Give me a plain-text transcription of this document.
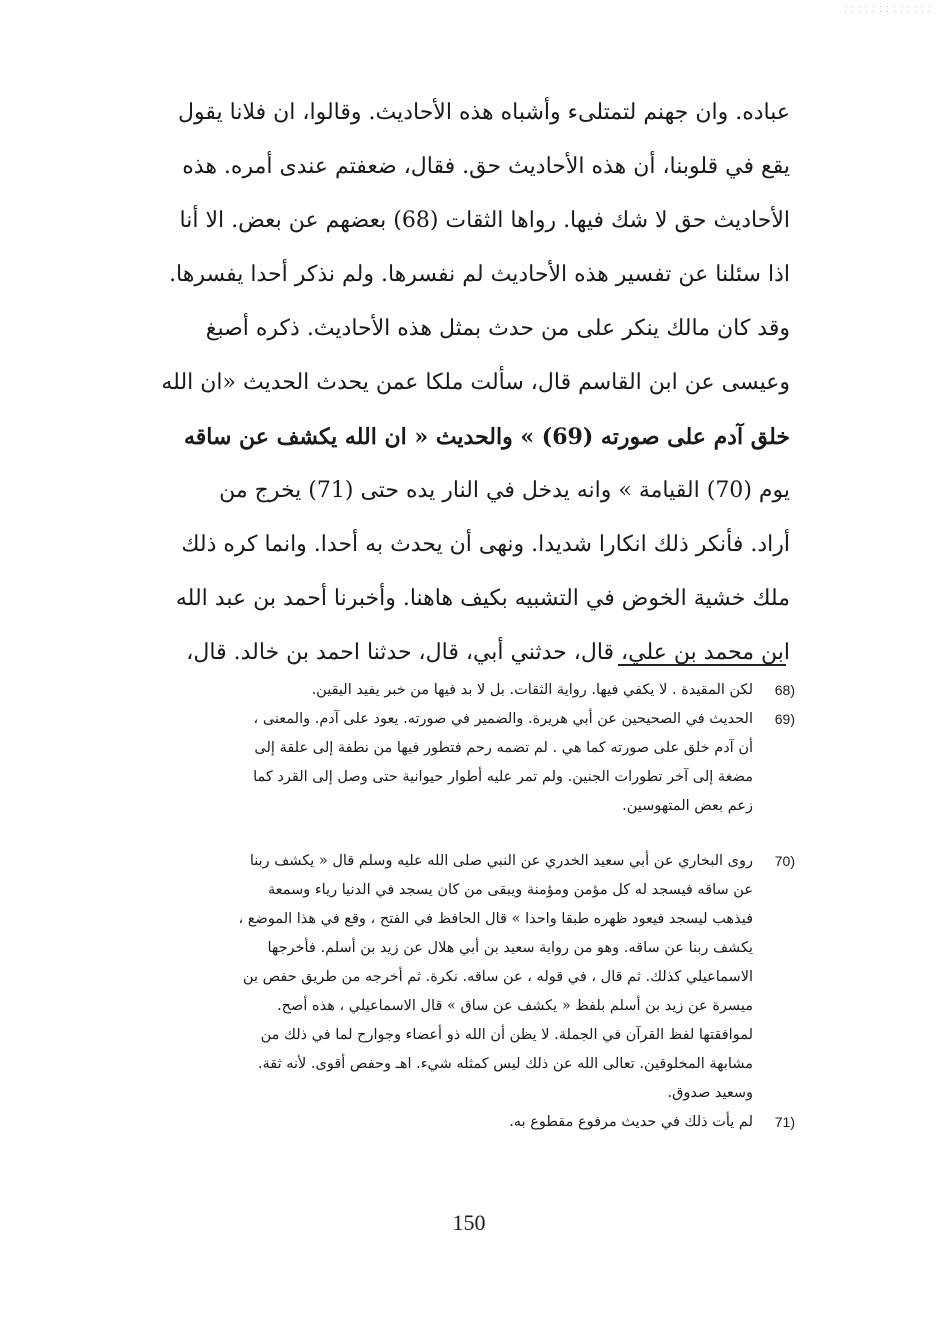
عباده. وان جهنم لتمتلىء وأشباه هذه الأحاديث. وقالوا، ان فلانا يقول
يقع في قلوبنا، أن هذه الأحاديث حق. فقال، ضعفتم عندى أمره. هذه
الأحاديث حق لا شك فيها. رواها الثقات (68) بعضهم عن بعض. الا أنا
اذا سئلنا عن تفسير هذه الأحاديث لم نفسرها. ولم نذكر أحدا يفسرها.
وقد كان مالك ينكر على من حدث بمثل هذه الأحاديث. ذكره أصبغ
وعيسى عن ابن القاسم قال، سألت ملكا عمن يحدث الحديث «ان الله
خلق آدم على صورته (69) » والحديث « ان الله يكشف عن ساقه
يوم (70) القيامة » وانه يدخل في النار يده حتى (71) يخرج من
أراد. فأنكر ذلك انكارا شديدا. ونهى أن يحدث به أحدا. وانما كره ذلك
ملك خشية الخوض في التشبيه بكيف هاهنا. وأخبرنا أحمد بن عبد الله
ابن محمد بن علي، قال، حدثني أبي، قال، حدثنا احمد بن خالد. قال،
68)
لكن المقيدة . لا يكفي فيها. رواية الثقات. بل لا بد فيها من خبر يفيد اليقين.
69)
الحديث في الصحيحين عن أبي هريرة. والضمير في صورته. يعود على آدم. والمعنى ،
أن آدم خلق على صورته كما هي . لم تضمه رحم فتطور فيها من نطفة إلى علقة إلى
مضغة إلى آخر تطورات الجنين. ولم تمر عليه أطوار حيوانية حتى وصل إلى القرد كما
زعم بعض المتهوسين.
70)
روى البخاري عن أبي سعيد الخدري عن النبي صلى الله عليه وسلم قال « يكشف ربنا
عن ساقه فيسجد له كل مؤمن ومؤمنة ويبقى من كان يسجد في الدنيا رياء وسمعة
فيذهب ليسجد فيعود ظهره طبقا واحدا » قال الحافظ في الفتح ، وقع في هذا الموضع ،
يكشف ربنا عن ساقه. وهو من رواية سعيد بن أبي هلال عن زيد بن أسلم. فأخرجها
الاسماعيلي كذلك. ثم قال ، في قوله ، عن ساقه. نكرة. ثم أخرجه من طريق حفص بن
ميسرة عن زيد بن أسلم بلفظ « يكشف عن ساق » قال الاسماعيلي ، هذه أصح.
لموافقتها لفظ القرآن في الجملة. لا يظن أن الله ذو أعضاء وجوارح لما في ذلك من
مشابهة المخلوقين. تعالى الله عن ذلك ليس كمثله شيء. اهـ وحفص أقوى. لأنه ثقة.
وسعيد صدوق.
71)
لم يأت ذلك في حديث مرفوع مقطوع به.
150
